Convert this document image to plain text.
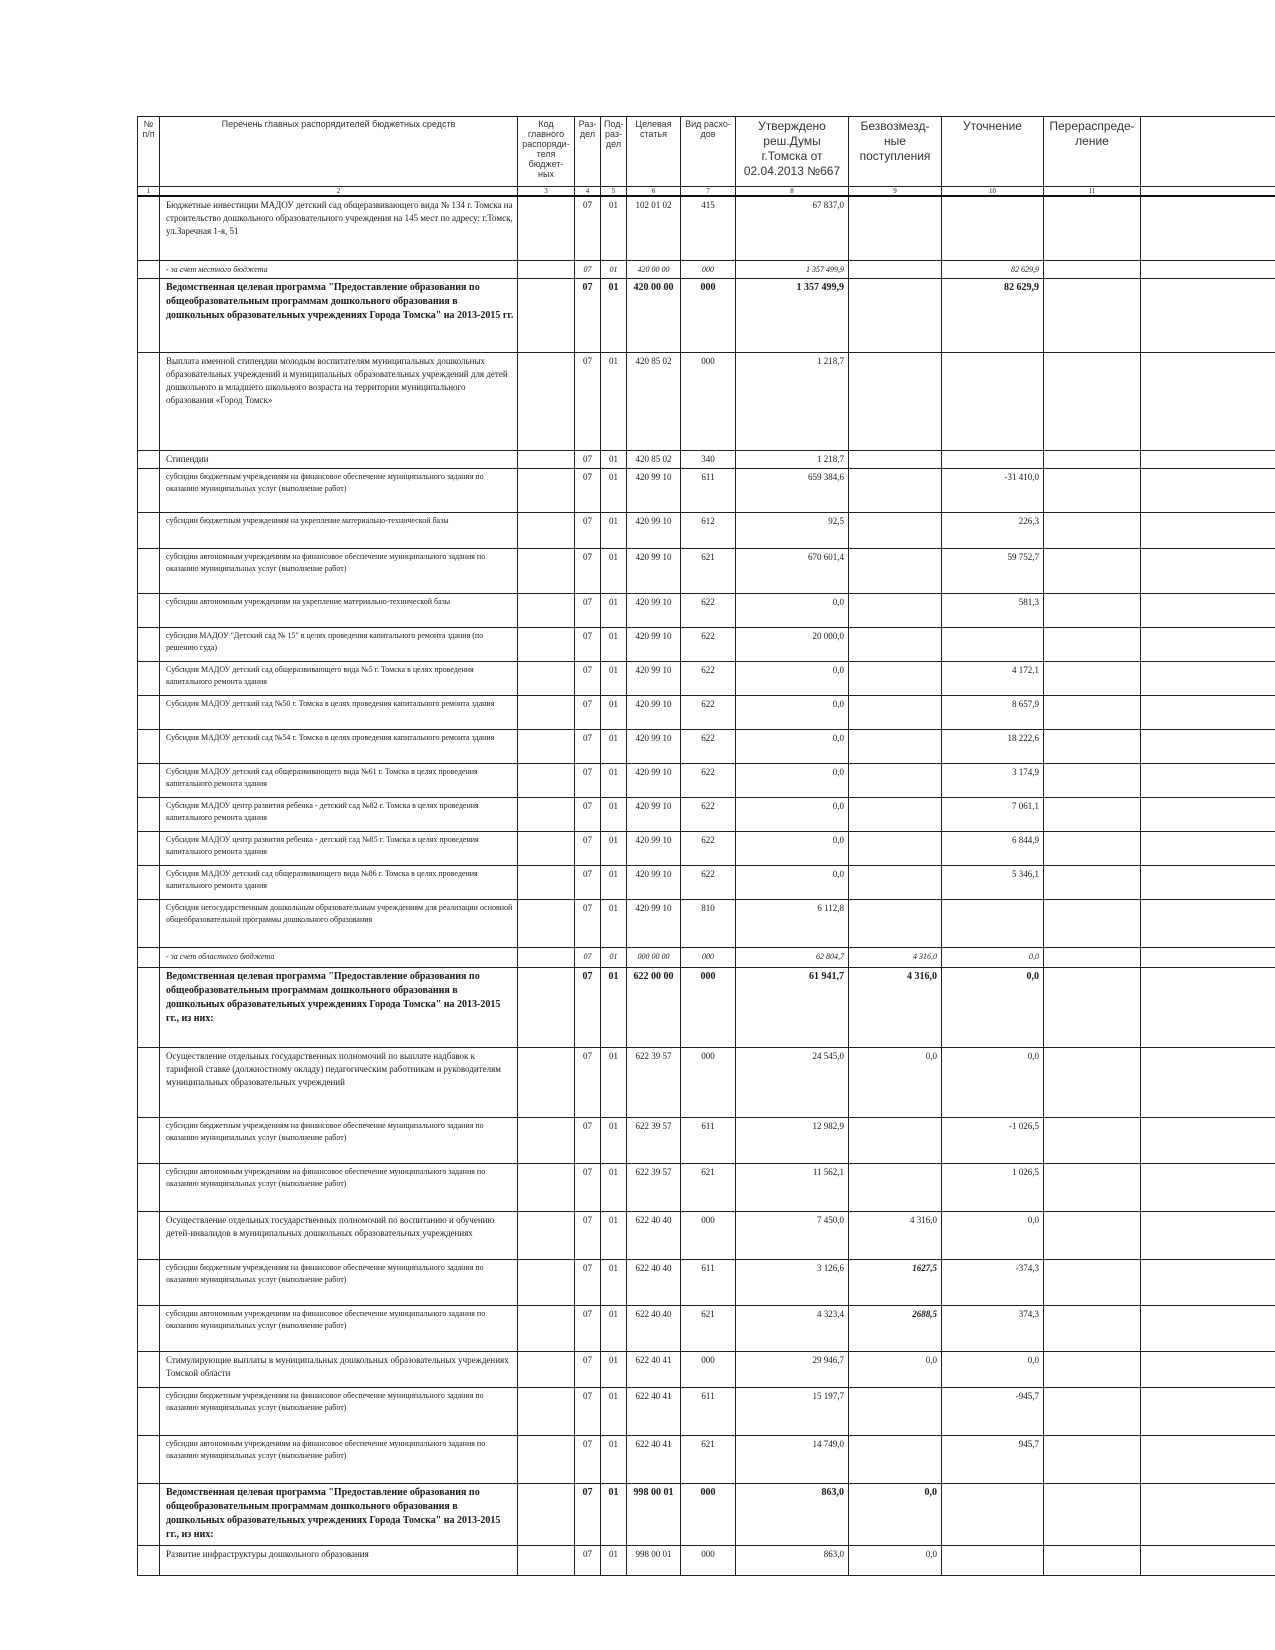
№ п/п	Перечень главных распорядителей бюджетных средств	Код главного распоряди-теля бюджет-ных	Раз-дел	Под-раз-дел	Целевая статья	Вид расхо-дов	Утверждено реш.Думы г.Томска от 02.04.2013 №667	Безвозмезд-ные поступления	Уточнение	Перераспреде-ление	
1	2	3	4	5	6	7	8	9	10	11	
	Бюджетные инвестиции МАДОУ детский сад общеразвивающего вида № 134 г. Томска на строительство дошкольного образовательного учреждения на 145 мест по адресу: г.Томск, ул.Заречная 1-я, 51		07	01	102 01 02	415	67 837,0				
	- за счет местного бюджета		07	01	420 00 00	000	1 357 499,9		82 629,9		
	Ведомственная целевая программа "Предоставление образования по общеобразовательным программам дошкольного образования в дошкольных образовательных учреждениях Города Томска" на 2013-2015 гг.		07	01	420 00 00	000	1 357 499,9		82 629,9		
	Выплата именной стипендии молодым воспитателям муниципальных дошкольных образовательных учреждений и муниципальных образовательных учреждений для детей дошкольного и младшего школьного возраста на территории муниципального образования «Город Томск»		07	01	420 85 02	000	1 218,7				
	Стипендии		07	01	420 85 02	340	1 218,7				
	субсидии бюджетным учреждениям на финансовое обеспечение муниципального задания по оказанию муниципальных услуг (выполнение работ)		07	01	420 99 10	611	659 384,6		-31 410,0		
	субсидии бюджетным учреждениям на укрепление материально-технической базы		07	01	420 99 10	612	92,5		226,3		
	субсидии автономным учреждениям на финансовое обеспечение муниципального задания по оказанию муниципальных услуг (выполнение работ)		07	01	420 99 10	621	670 601,4		59 752,7		
	субсидии автономным учреждениям на укрепление материально-технической базы		07	01	420 99 10	622	0,0		581,3		
	субсидия МАДОУ "Детский сад № 15" в целях проведения капитального ремонта здания (по решению суда)		07	01	420 99 10	622	20 000,0				
	Субсидия МАДОУ детский сад общеразвивающего вида №5 г. Томска в целях проведения капитального ремонта здания		07	01	420 99 10	622	0,0		4 172,1		
	Субсидия МАДОУ детский сад №50 г. Томска в целях проведения капитального ремонта здания		07	01	420 99 10	622	0,0		8 657,9		
	Субсидия МАДОУ детский сад №54 г. Томска в целях проведения капитального ремонта здания		07	01	420 99 10	622	0,0		18 222,6		
	Субсидия МАДОУ детский сад общеразвивающего вида №61 г. Томска в целях проведения капитального ремонта здания		07	01	420 99 10	622	0,0		3 174,9		
	Субсидия МАДОУ центр развития ребенка - детский сад №82 г. Томска в целях проведения капитального ремонта здания		07	01	420 99 10	622	0,0		7 061,1		
	Субсидия МАДОУ центр развития ребенка - детский сад №85 г. Томска в целях проведения капитального ремонта здания		07	01	420 99 10	622	0,0		6 844,9		
	Субсидия МАДОУ детский сад общеразвивающего вида №86 г. Томска в целях проведения капитального ремонта здания		07	01	420 99 10	622	0,0		5 346,1		
	Субсидия негосударственным дошкольным образовательным учреждениям для реализации основной общеобразовательной программы дошкольного образования		07	01	420 99 10	810	6 112,8				
	- за счет областного бюджета		07	01	000 00 00	000	62 804,7	4 316,0	0,0		
	Ведомственная целевая программа "Предоставление образования по общеобразовательным программам дошкольного образования в дошкольных образовательных учреждениях Города Томска" на 2013-2015 гг., из них:		07	01	622 00 00	000	61 941,7	4 316,0	0,0		
	Осуществление отдельных государственных полномочий по выплате надбавок к тарифной ставке (должностному окладу) педагогическим работникам и руководителям муниципальных образовательных учреждений		07	01	622 39 57	000	24 545,0	0,0	0,0		
	субсидии бюджетным учреждениям на финансовое обеспечение муниципального задания по оказанию муниципальных услуг (выполнение работ)		07	01	622 39 57	611	12 982,9		-1 026,5		
	субсидии автономным учреждениям на финансовое обеспечение муниципального задания по оказанию муниципальных услуг (выполнение работ)		07	01	622 39 57	621	11 562,1		1 026,5		
	Осуществление отдельных государственных полномочий по воспитанию и обучению детей-инвалидов в муниципальных дошкольных образовательных учреждениях		07	01	622 40 40	000	7 450,0	4 316,0	0,0		
	субсидии бюджетным учреждениям на финансовое обеспечение муниципального задания по оказанию муниципальных услуг (выполнение работ)		07	01	622 40 40	611	3 126,6	1627,5	-374,3		
	субсидии автономным учреждениям на финансовое обеспечение муниципального задания по оказанию муниципальных услуг (выполнение работ)		07	01	622 40 40	621	4 323,4	2688,5	374,3		
	Стимулирующие выплаты в муниципальных дошкольных образовательных учреждениях Томской области		07	01	622 40 41	000	29 946,7	0,0	0,0		
	субсидии бюджетным учреждениям на финансовое обеспечение муниципального задания по оказанию муниципальных услуг (выполнение работ)		07	01	622 40 41	611	15 197,7		-945,7		
	субсидии автономным учреждениям на финансовое обеспечение муниципального задания по оказанию муниципальных услуг (выполнение работ)		07	01	622 40 41	621	14 749,0		945,7		
	Ведомственная целевая программа "Предоставление образования по общеобразовательным программам дошкольного образования в дошкольных образовательных учреждениях Города Томска" на 2013-2015 гг., из них:		07	01	998 00 01	000	863,0	0,0			
	Развитие инфраструктуры дошкольного образования		07	01	998 00 01	000	863,0	0,0			
